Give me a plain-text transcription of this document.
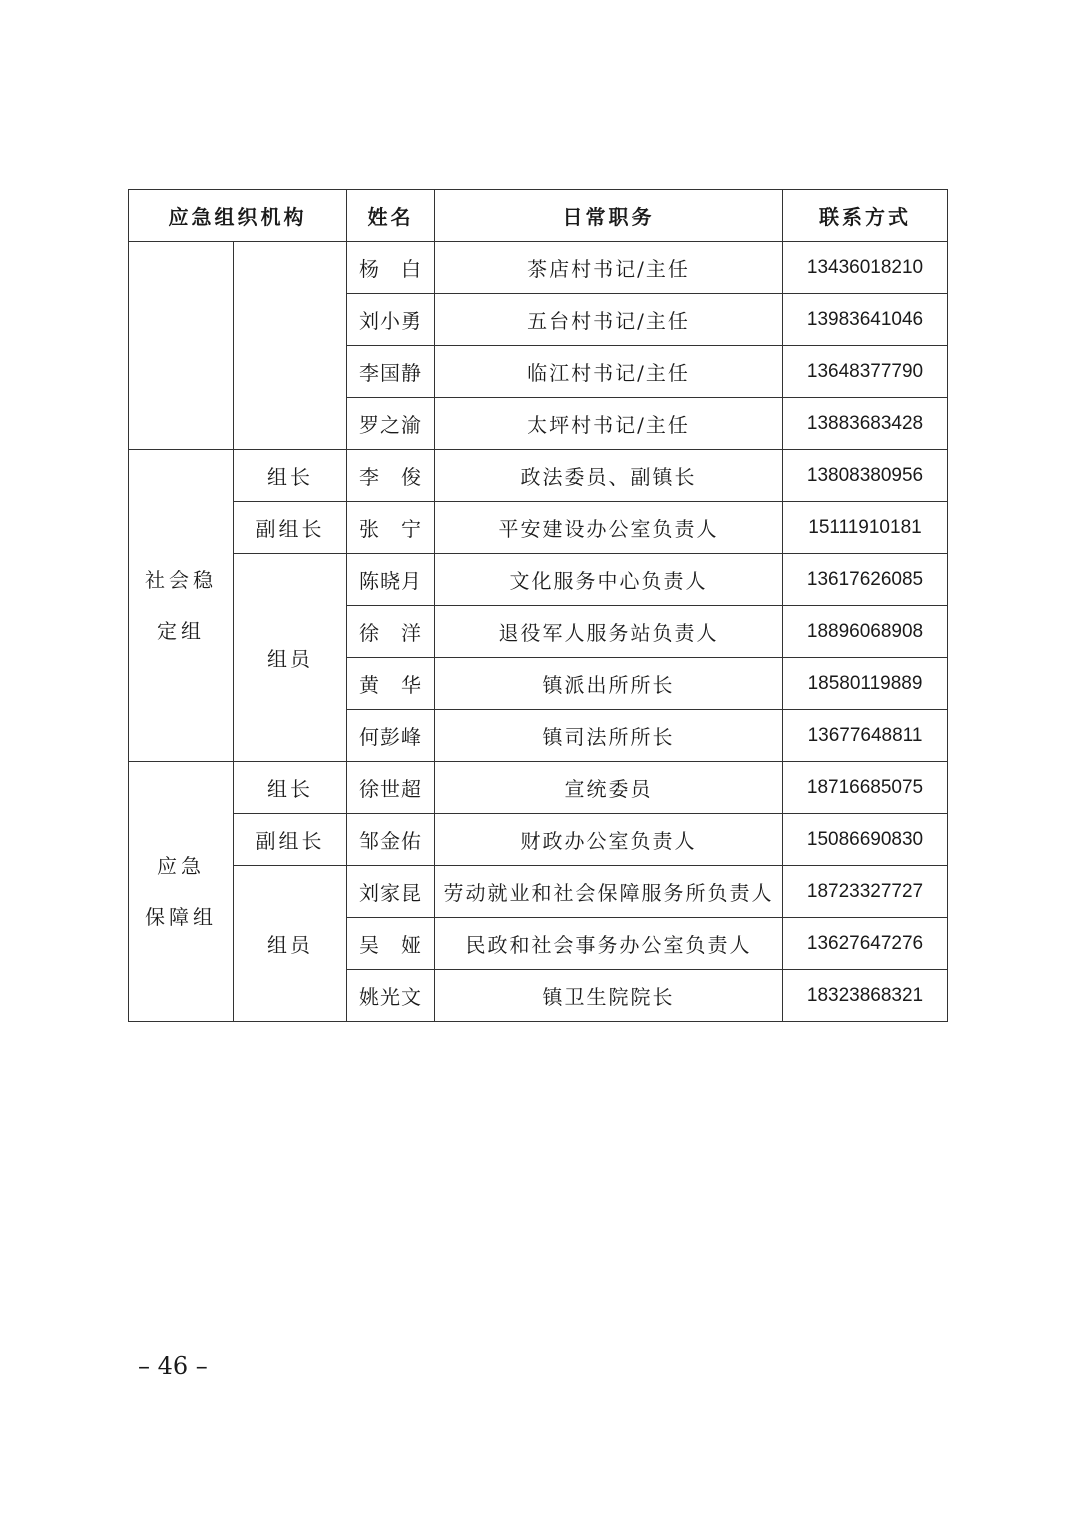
应急组织机构		姓名	日常职务	联系方式
		杨 白	茶店村书记/主任	13436018210
		刘小勇	五台村书记/主任	13983641046
		李国静	临江村书记/主任	13648377790
		罗之渝	太坪村书记/主任	13883683428

社会稳
定组	组长	李 俊	政法委员、副镇长	13808380956
	副组长	张 宁	平安建设办公室负责人	15111910181
	组员	陈晓月	文化服务中心负责人	13617626085
		徐 洋	退役军人服务站负责人	18896068908
		黄 华	镇派出所所长	18580119889
		何彭峰	镇司法所所长	13677648811

应急
保障组	组长	徐世超	宣统委员	18716685075
	副组长	邹金佑	财政办公室负责人	15086690830
	组员	刘家昆	劳动就业和社会保障服务所负责人	18723327727
		吴 娅	民政和社会事务办公室负责人	13627647276
		姚光文	镇卫生院院长	18323868321
– 46 –
